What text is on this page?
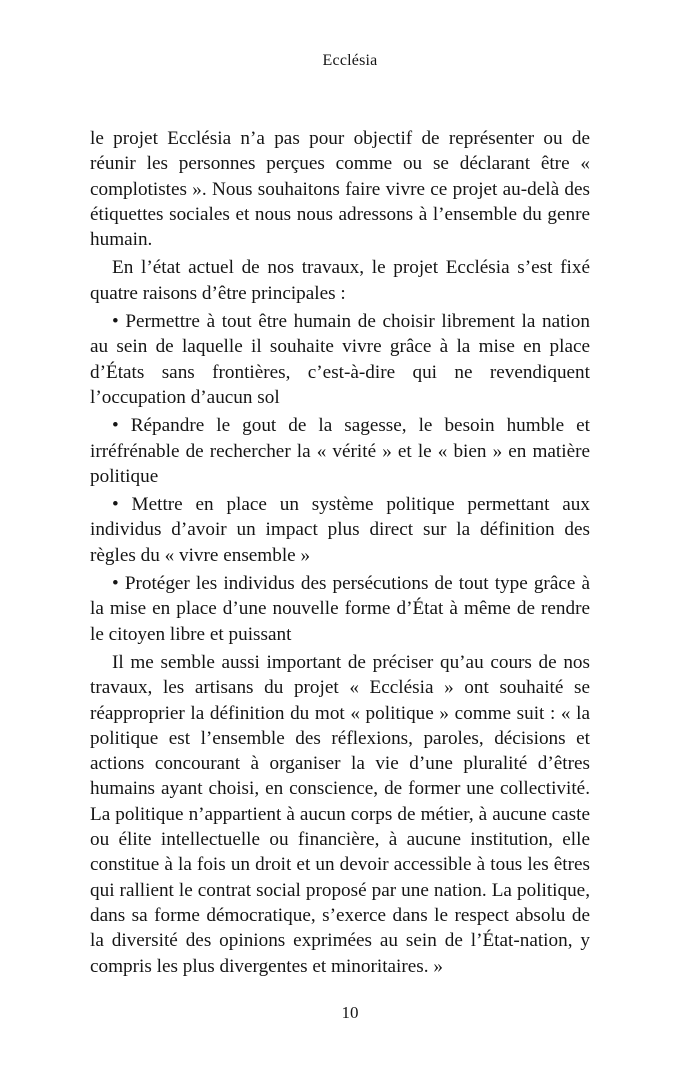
Ecclésia

le projet Ecclésia n’a pas pour objectif de représenter ou de réunir les personnes perçues comme ou se déclarant être « complotistes ». Nous souhaitons faire vivre ce projet au-delà des étiquettes sociales et nous nous adressons à l’ensemble du genre humain.

En l’état actuel de nos travaux, le projet Ecclésia s’est fixé quatre raisons d’être principales :

• Permettre à tout être humain de choisir librement la nation au sein de laquelle il souhaite vivre grâce à la mise en place d’États sans frontières, c’est-à-dire qui ne revendiquent l’occupation d’aucun sol

• Répandre le gout de la sagesse, le besoin humble et irréfrénable de rechercher la « vérité » et le « bien » en matière politique

• Mettre en place un système politique permettant aux individus d’avoir un impact plus direct sur la définition des règles du « vivre ensemble »

• Protéger les individus des persécutions de tout type grâce à la mise en place d’une nouvelle forme d’État à même de rendre le citoyen libre et puissant

Il me semble aussi important de préciser qu’au cours de nos travaux, les artisans du projet « Ecclésia » ont souhaité se réapproprier la définition du mot « politique » comme suit : « la politique est l’ensemble des réflexions, paroles, décisions et actions concourant à organiser la vie d’une pluralité d’êtres humains ayant choisi, en conscience, de former une collectivité. La politique n’appartient à aucun corps de métier, à aucune caste ou élite intellectuelle ou financière, à aucune institution, elle constitue à la fois un droit et un devoir accessible à tous les êtres qui rallient le contrat social proposé par une nation. La politique, dans sa forme démocratique, s’exerce dans le respect absolu de la diversité des opinions exprimées au sein de l’État-nation, y compris les plus divergentes et minoritaires. »

10
